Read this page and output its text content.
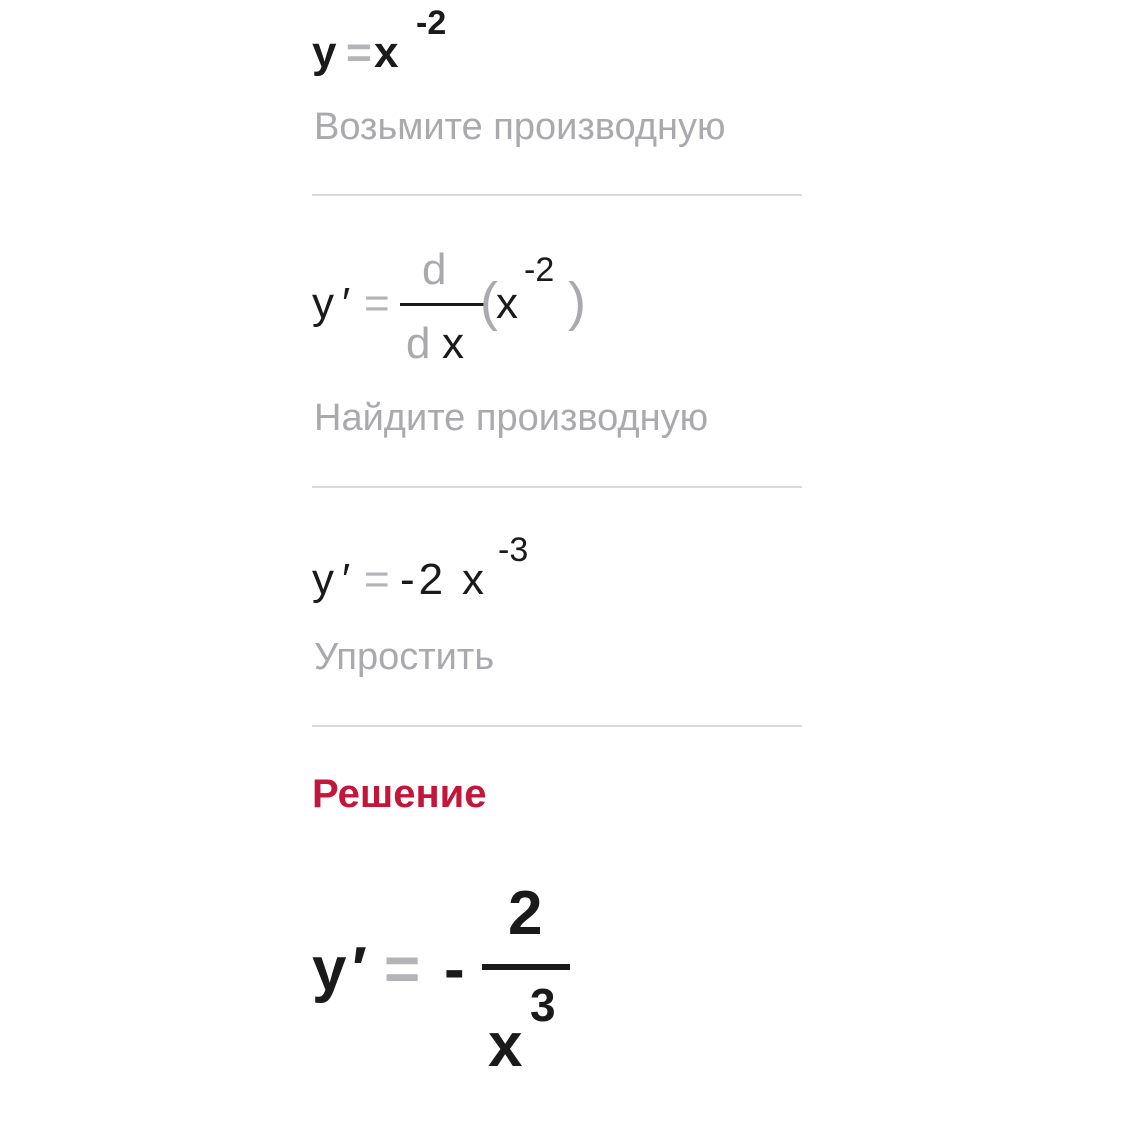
y = x
-2
Возьмите производную
y ′ =
d
d x
(
x
-2
)
Найдите производную
y ′ = -2 x
-3
Упростить
Решение
y ′ = -
2
x
3
